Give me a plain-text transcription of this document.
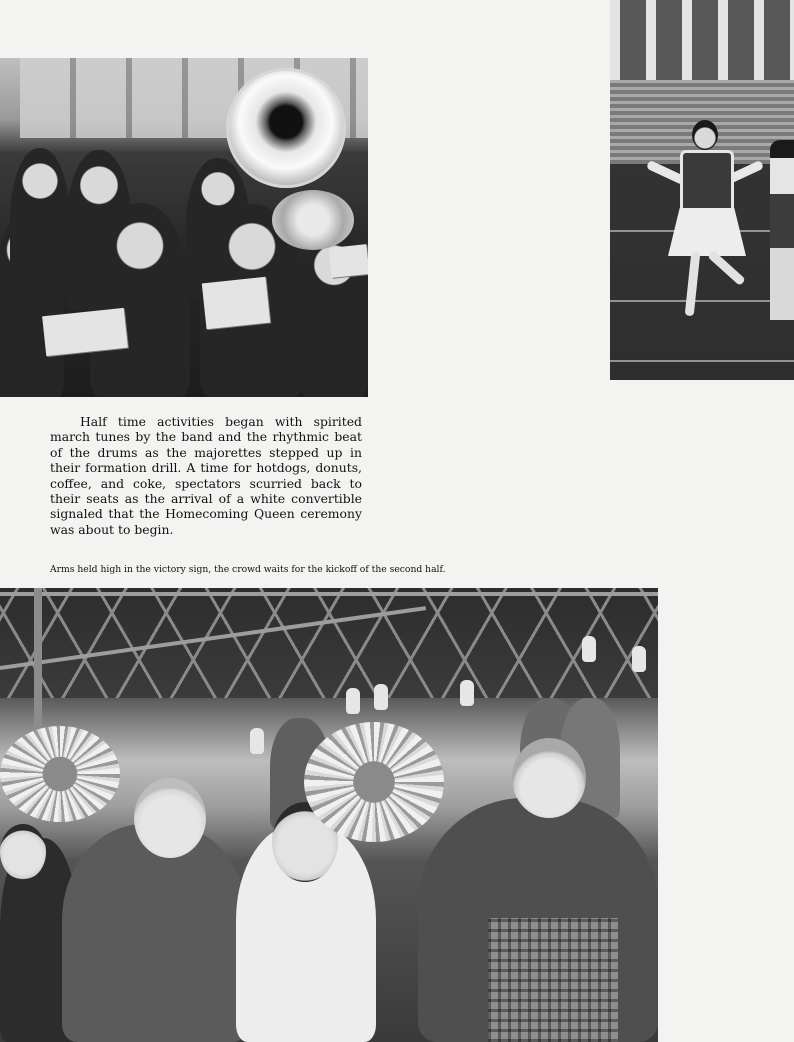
Half time activities began with spirited march tunes by the band and the rhythmic beat of the drums as the majorettes stepped up in their formation drill. A time for hotdogs, donuts, coffee, and coke, spectators scurried back to their seats as the arrival of a white convertible signaled that the Homecoming Queen ceremony was about to begin.

Arms held high in the victory sign, the crowd waits for the kickoff of the second half.
